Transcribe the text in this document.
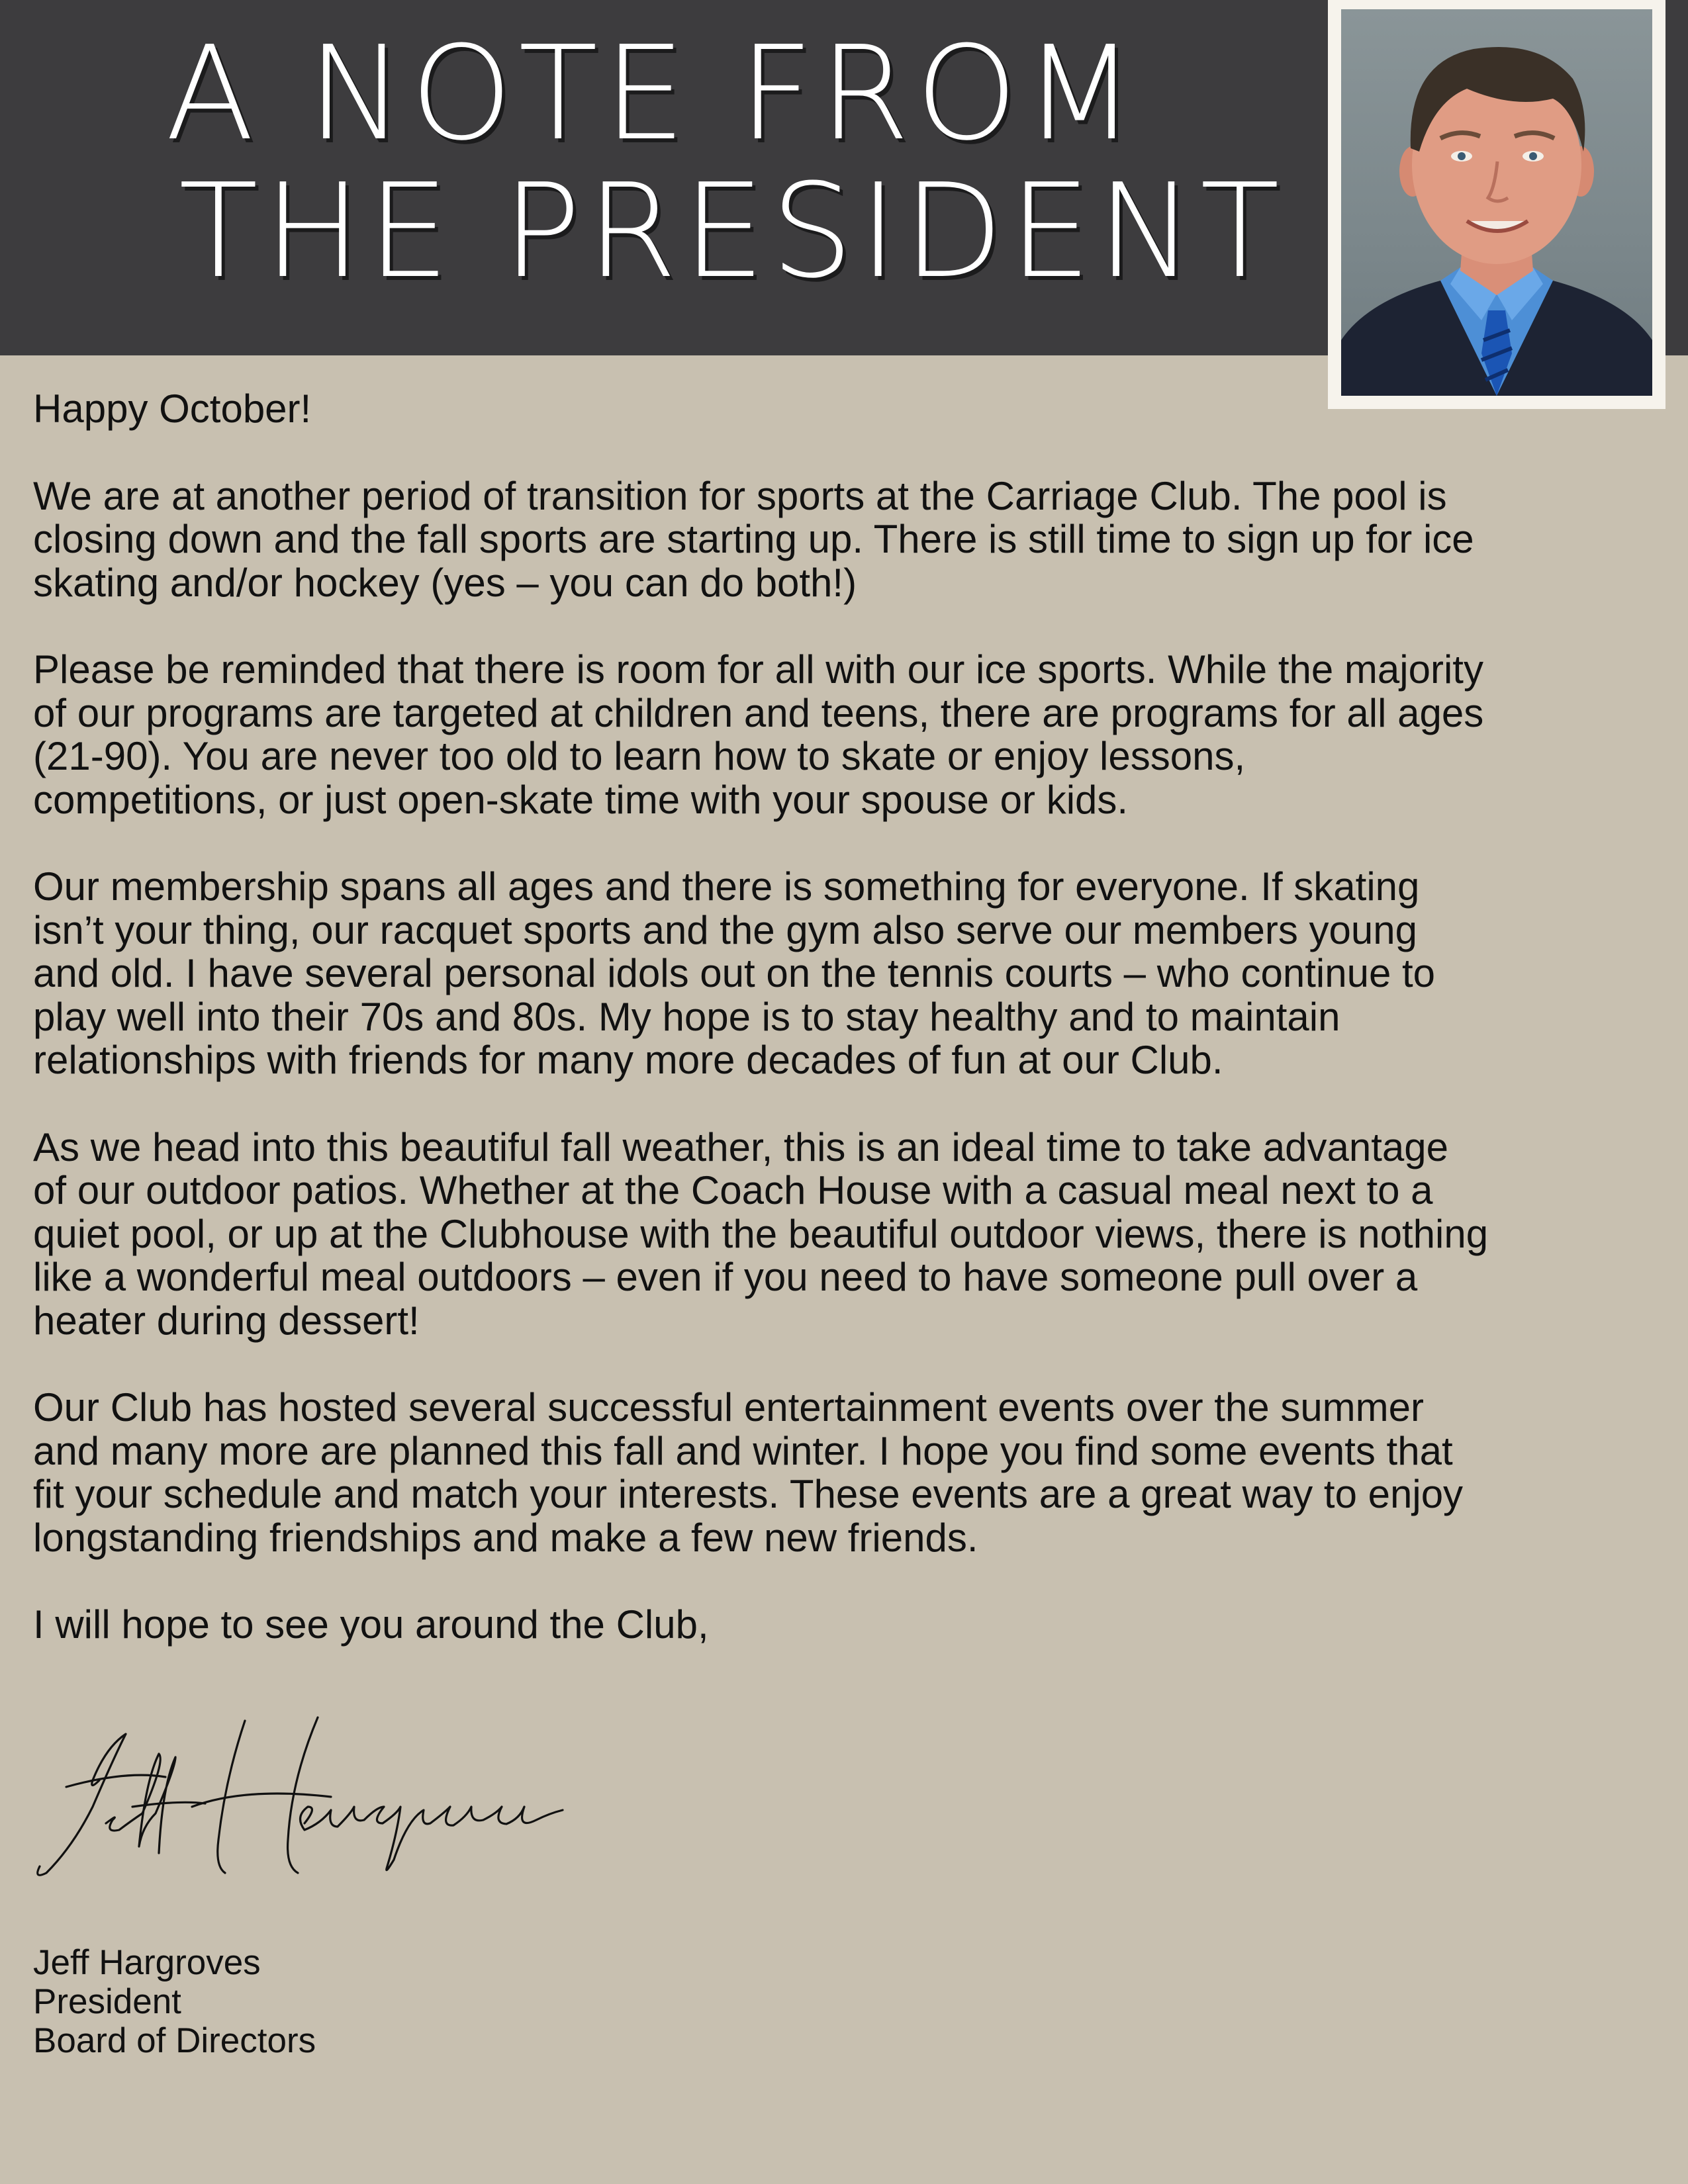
A NOTE FROM
THE PRESIDENT

Happy October!

We are at another period of transition for sports at the Carriage Club. The pool is
closing down and the fall sports are starting up. There is still time to sign up for ice
skating and/or hockey (yes – you can do both!)

Please be reminded that there is room for all with our ice sports. While the majority
of our programs are targeted at children and teens, there are programs for all ages
(21-90). You are never too old to learn how to skate or enjoy lessons,
competitions, or just open-skate time with your spouse or kids.

Our membership spans all ages and there is something for everyone. If skating
isn’t your thing, our racquet sports and the gym also serve our members young
and old. I have several personal idols out on the tennis courts – who continue to
play well into their 70s and 80s. My hope is to stay healthy and to maintain
relationships with friends for many more decades of fun at our Club.

As we head into this beautiful fall weather, this is an ideal time to take advantage
of our outdoor patios. Whether at the Coach House with a casual meal next to a
quiet pool, or up at the Clubhouse with the beautiful outdoor views, there is nothing
like a wonderful meal outdoors – even if you need to have someone pull over a
heater during dessert!

Our Club has hosted several successful entertainment events over the summer
and many more are planned this fall and winter. I hope you find some events that
fit your schedule and match your interests. These events are a great way to enjoy
longstanding friendships and make a few new friends.

I will hope to see you around the Club,

Jeff Hargroves
President
Board of Directors
